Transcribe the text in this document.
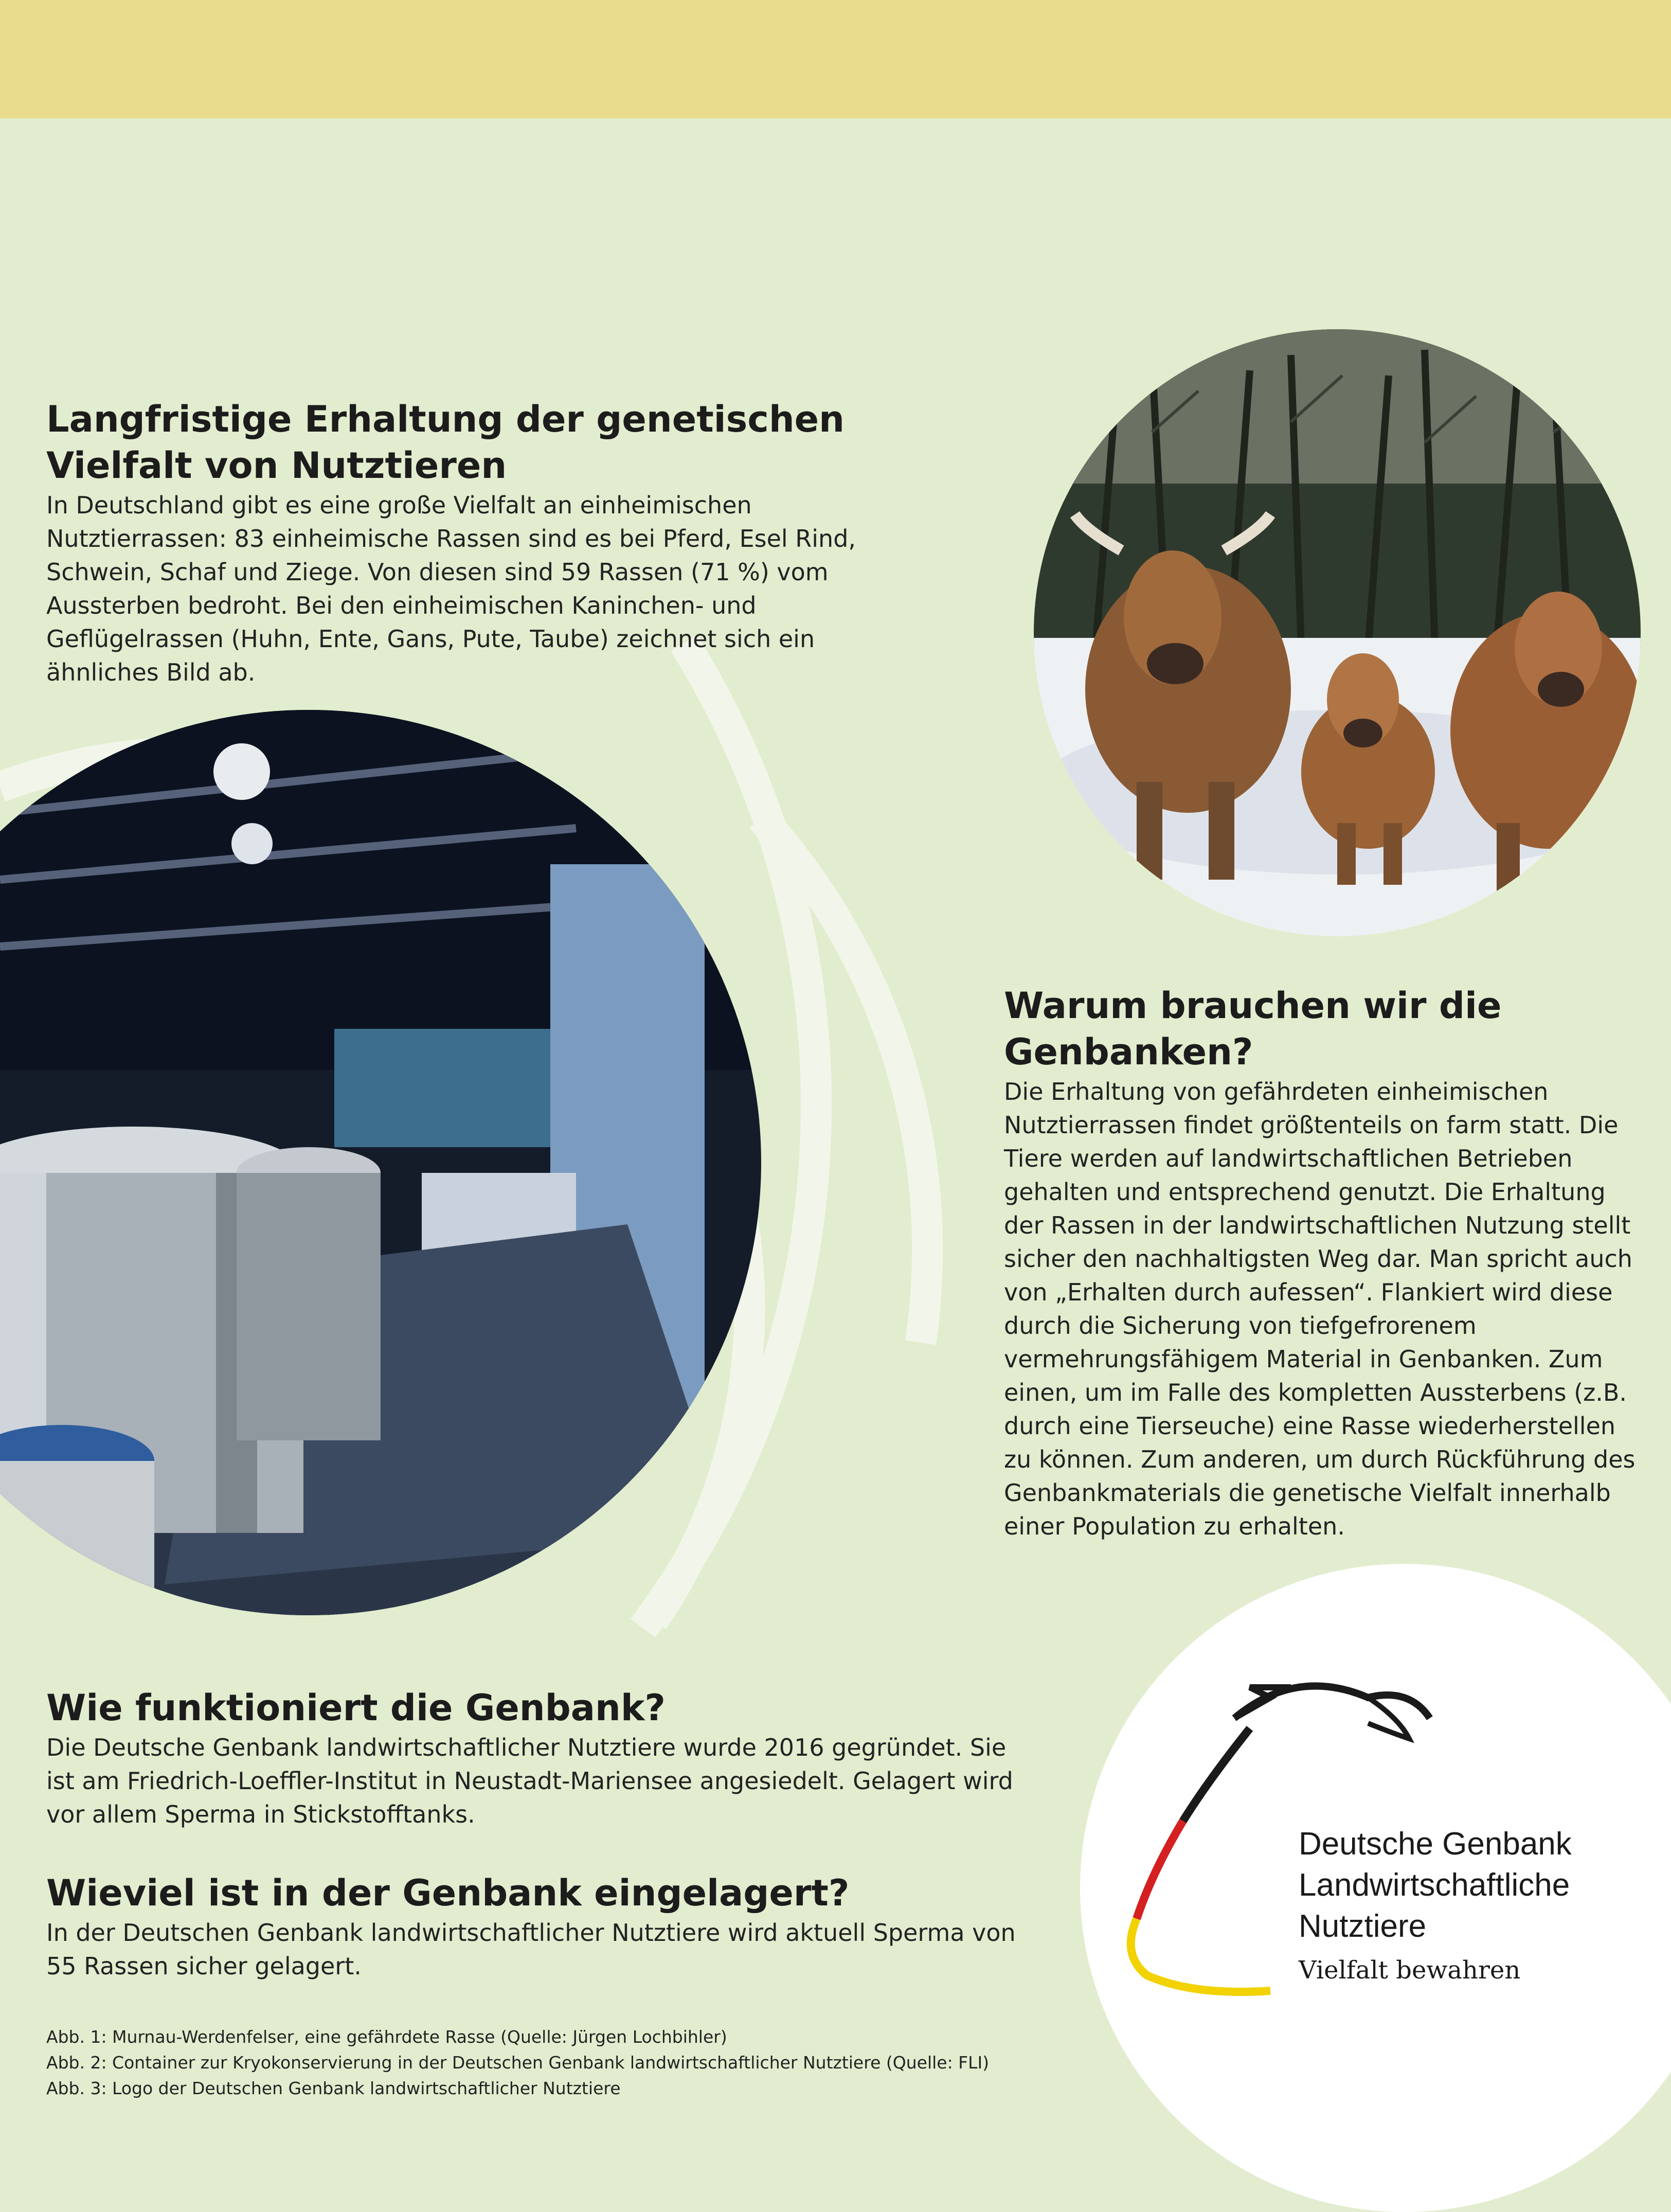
Langfristige Erhaltung der genetischen Vielfalt von Nutztieren

In Deutschland gibt es eine große Vielfalt an einheimischen Nutztierrassen: 83 einheimische Rassen sind es bei Pferd, Esel Rind, Schwein, Schaf und Ziege. Von diesen sind 59 Rassen (71 %) vom Aussterben bedroht. Bei den einheimischen Kaninchen- und Geflügelrassen (Huhn, Ente, Gans, Pute, Taube) zeichnet sich ein ähnliches Bild ab.

Warum brauchen wir die Genbanken?

Die Erhaltung von gefährdeten einheimischen Nutztierrassen findet größtenteils on farm statt. Die Tiere werden auf landwirtschaftlichen Betrieben gehalten und entsprechend genutzt. Die Erhaltung der Rassen in der landwirtschaftlichen Nutzung stellt sicher den nachhaltigsten Weg dar. Man spricht auch von „Erhalten durch aufessen“. Flankiert wird diese durch die Sicherung von tiefgefrorenem vermehrungsfähigem Material in Genbanken. Zum einen, um im Falle des kompletten Aussterbens (z.B. durch eine Tierseuche) eine Rasse wiederherstellen zu können. Zum anderen, um durch Rückführung des Genbankmaterials die genetische Vielfalt innerhalb einer Population zu erhalten.

Wie funktioniert die Genbank?

Die Deutsche Genbank landwirtschaftlicher Nutztiere wurde 2016 gegründet. Sie ist am Friedrich-Loeffler-Institut in Neustadt-Mariensee angesiedelt. Gelagert wird vor allem Sperma in Stickstofftanks.

Wieviel ist in der Genbank eingelagert?

In der Deutschen Genbank landwirtschaftlicher Nutztiere wird aktuell Sperma von 55 Rassen sicher gelagert.

Abb. 1: Murnau-Werdenfelser, eine gefährdete Rasse (Quelle: Jürgen Lochbihler)
Abb. 2: Container zur Kryokonservierung in der Deutschen Genbank landwirtschaftlicher Nutztiere (Quelle: FLI)
Abb. 3: Logo der Deutschen Genbank landwirtschaftlicher Nutztiere
Deutsche Genbank
Landwirtschaftliche
Nutztiere
Vielfalt bewahren
